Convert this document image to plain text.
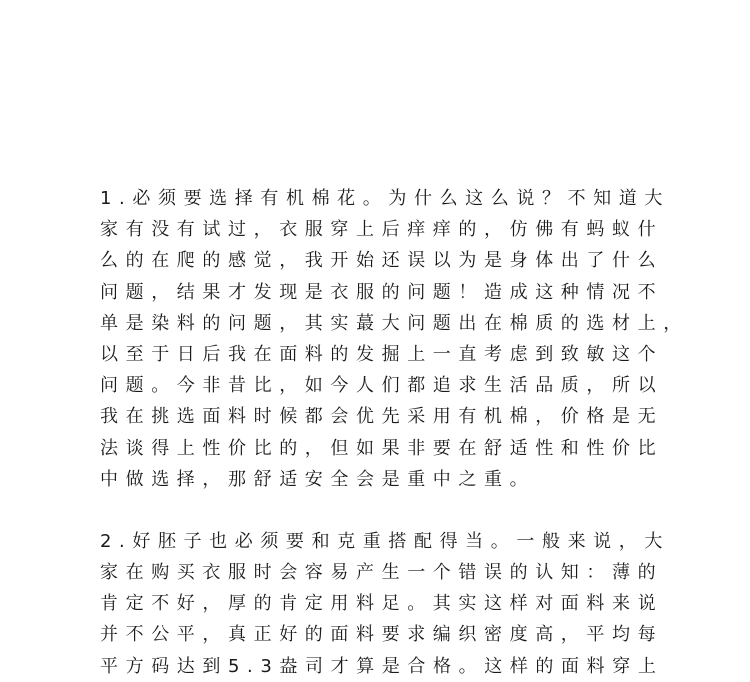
1.必须要选择有机棉花。为什么这么说？不知道大
家有没有试过，衣服穿上后痒痒的，仿佛有蚂蚁什
么的在爬的感觉，我开始还误以为是身体出了什么
问题，结果才发现是衣服的问题！造成这种情况不
单是染料的问题，其实蕞大问题出在棉质的选材上，
以至于日后我在面料的发掘上一直考虑到致敏这个
问题。今非昔比，如今人们都追求生活品质，所以
我在挑选面料时候都会优先采用有机棉，价格是无
法谈得上性价比的，但如果非要在舒适性和性价比
中做选择，那舒适安全会是重中之重。

2.好胚子也必须要和克重搭配得当。一般来说，大
家在购买衣服时会容易产生一个错误的认知：薄的
肯定不好，厚的肯定用料足。其实这样对面料来说
并不公平，真正好的面料要求编织密度高，平均每
平方码达到5.3盎司才算是合格。这样的面料穿上
